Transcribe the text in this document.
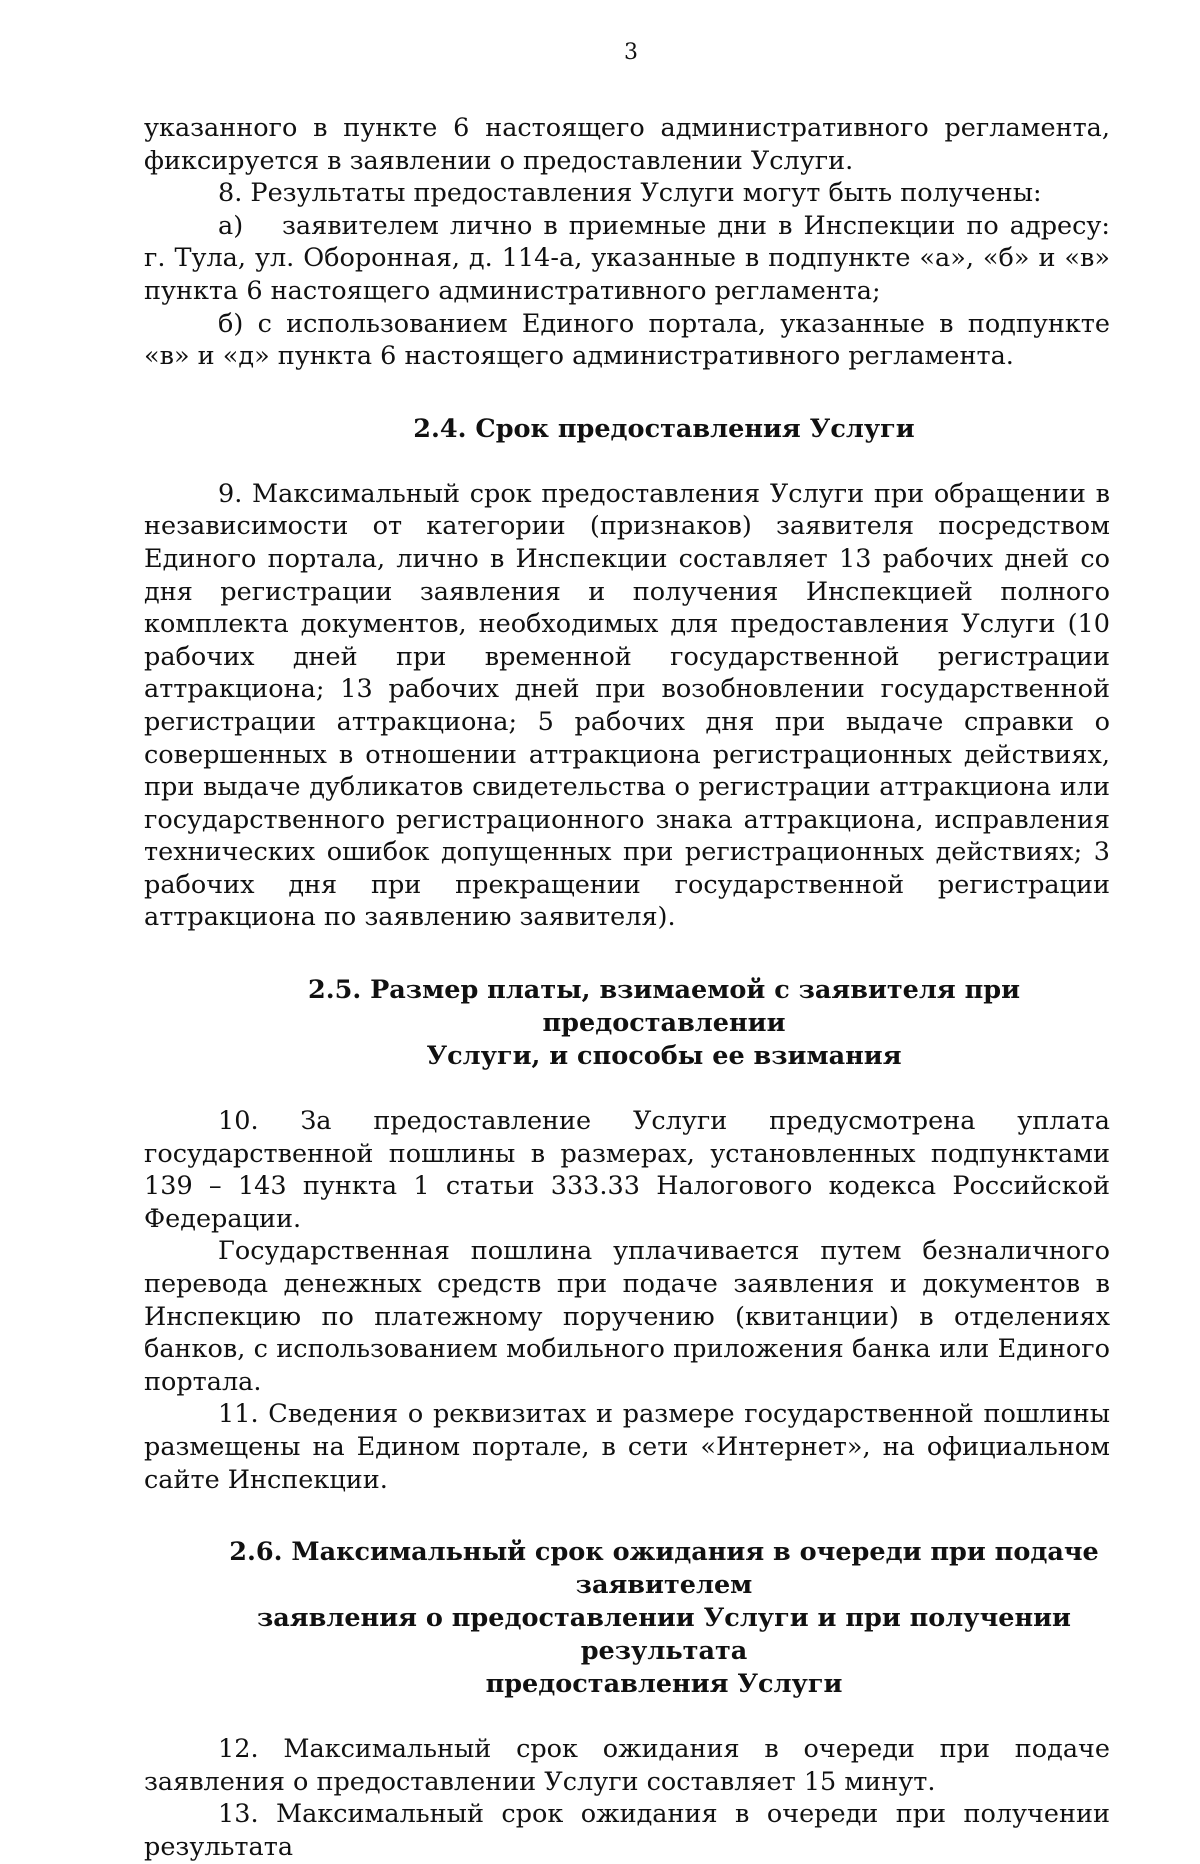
3

указанного в пункте 6 настоящего административного регламента, фиксируется в заявлении о предоставлении Услуги.

8. Результаты предоставления Услуги могут быть получены:

а) заявителем лично в приемные дни в Инспекции по адресу: г. Тула, ул. Оборонная, д. 114-а, указанные в подпункте «а», «б» и «в» пункта 6 настоящего административного регламента;

б) с использованием Единого портала, указанные в подпункте «в» и «д» пункта 6 настоящего административного регламента.

2.4. Срок предоставления Услуги

9. Максимальный срок предоставления Услуги при обращении в независимости от категории (признаков) заявителя посредством Единого портала, лично в Инспекции составляет 13 рабочих дней со дня регистрации заявления и получения Инспекцией полного комплекта документов, необходимых для предоставления Услуги (10 рабочих дней при временной государственной регистрации аттракциона; 13 рабочих дней при возобновлении государственной регистрации аттракциона; 5 рабочих дня при выдаче справки о совершенных в отношении аттракциона регистрационных действиях, при выдаче дубликатов свидетельства о регистрации аттракциона или государственного регистрационного знака аттракциона, исправления технических ошибок допущенных при регистрационных действиях; 3 рабочих дня при прекращении государственной регистрации аттракциона по заявлению заявителя).

2.5. Размер платы, взимаемой с заявителя при предоставлении
Услуги, и способы ее взимания

10. За предоставление Услуги предусмотрена уплата государственной пошлины в размерах, установленных подпунктами 139 – 143 пункта 1 статьи 333.33 Налогового кодекса Российской Федерации.

Государственная пошлина уплачивается путем безналичного перевода денежных средств при подаче заявления и документов в Инспекцию по платежному поручению (квитанции) в отделениях банков, с использованием мобильного приложения банка или Единого портала.

11. Сведения о реквизитах и размере государственной пошлины размещены на Едином портале, в сети «Интернет», на официальном сайте Инспекции.

2.6. Максимальный срок ожидания в очереди при подаче заявителем
заявления о предоставлении Услуги и при получении результата
предоставления Услуги

12. Максимальный срок ожидания в очереди при подаче заявления о предоставлении Услуги составляет 15 минут.

13. Максимальный срок ожидания в очереди при получении результата
